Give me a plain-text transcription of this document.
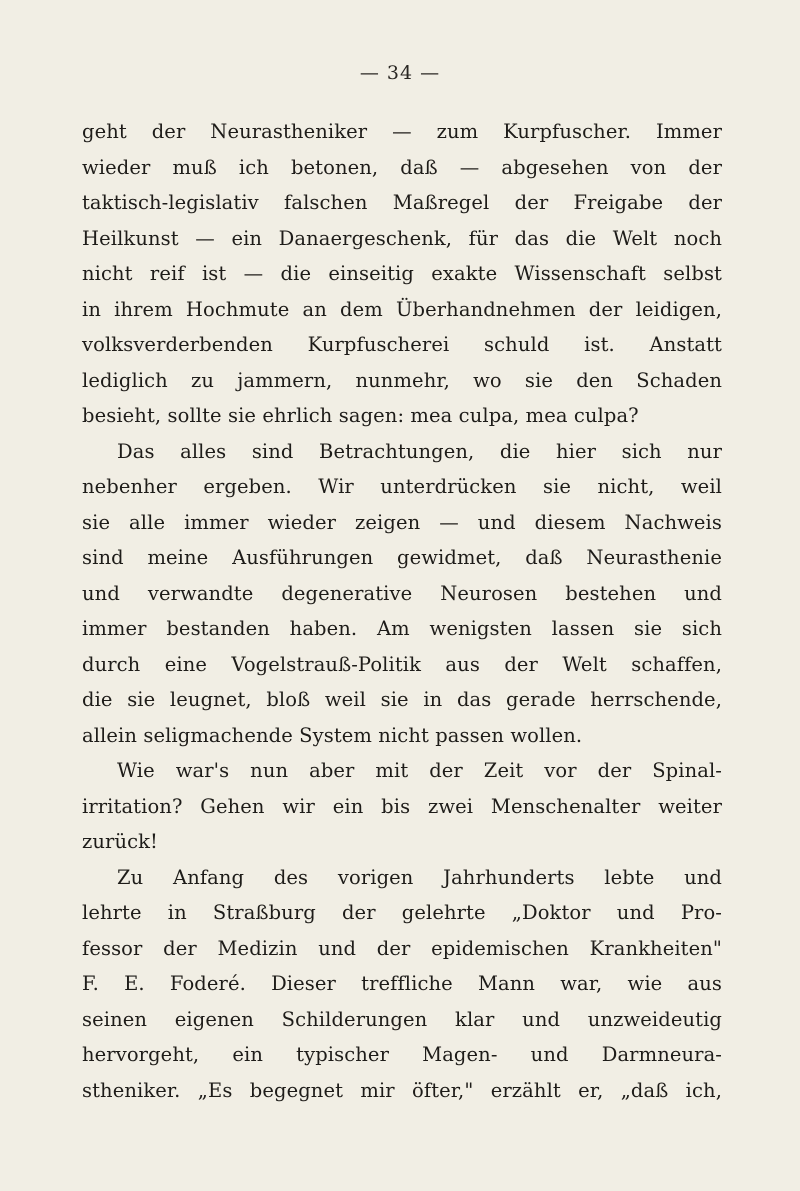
— 34 —
geht der Neurastheniker — zum Kurpfuscher. Immer
wieder muß ich betonen, daß — abgesehen von der
taktisch-legislativ falschen Maßregel der Freigabe der
Heilkunst — ein Danaergeschenk, für das die Welt noch
nicht reif ist — die einseitig exakte Wissenschaft selbst
in ihrem Hochmute an dem Überhandnehmen der leidigen,
volksverderbenden Kurpfuscherei schuld ist. Anstatt
lediglich zu jammern, nunmehr, wo sie den Schaden
besieht, sollte sie ehrlich sagen: mea culpa, mea culpa?
Das alles sind Betrachtungen, die hier sich nur
nebenher ergeben. Wir unterdrücken sie nicht, weil
sie alle immer wieder zeigen — und diesem Nachweis
sind meine Ausführungen gewidmet, daß Neurasthenie
und verwandte degenerative Neurosen bestehen und
immer bestanden haben. Am wenigsten lassen sie sich
durch eine Vogelstrauß-Politik aus der Welt schaffen,
die sie leugnet, bloß weil sie in das gerade herrschende,
allein seligmachende System nicht passen wollen.
Wie war's nun aber mit der Zeit vor der Spinal-
irritation? Gehen wir ein bis zwei Menschenalter weiter
zurück!
Zu Anfang des vorigen Jahrhunderts lebte und
lehrte in Straßburg der gelehrte „Doktor und Pro-
fessor der Medizin und der epidemischen Krankheiten"
F. E. Foderé. Dieser treffliche Mann war, wie aus
seinen eigenen Schilderungen klar und unzweideutig
hervorgeht, ein typischer Magen- und Darmneura-
stheniker. „Es begegnet mir öfter," erzählt er, „daß ich,
